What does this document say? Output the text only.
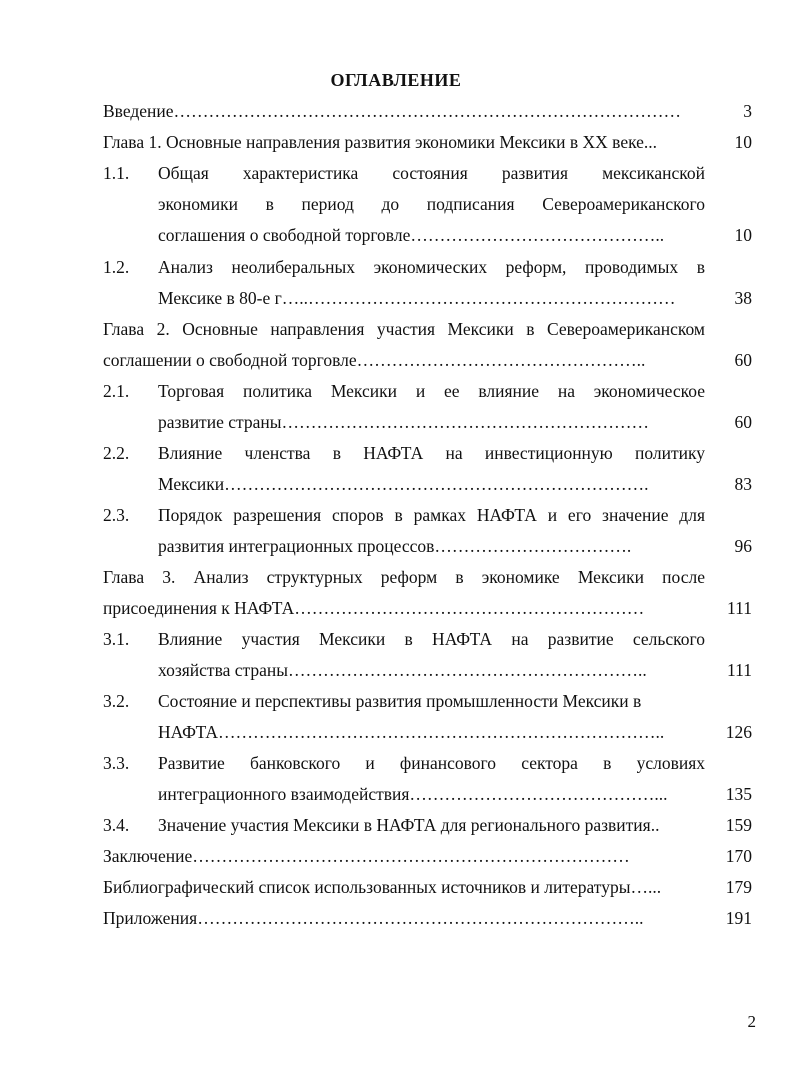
ОГЛАВЛЕНИЕ
Введение……………………………………………………………………………	3
Глава 1. Основные направления развития экономики Мексики в XX веке...	10
1.1. Общая характеристика состояния развития мексиканской
экономики в период до подписания Североамериканского
соглашения о свободной торговле……………………………………..	10
1.2. Анализ неолиберальных экономических реформ, проводимых в
Мексике в 80-е г…..………………………………………………………	38
Глава 2. Основные направления участия Мексики в Североамериканском
соглашении о свободной торговле…………………………………………..	60
2.1. Торговая политика Мексики и ее влияние на экономическое
развитие страны………………………………………………………	60
2.2. Влияние членства в НАФТА на инвестиционную политику
Мексики……………………………………………………………….	83
2.3. Порядок разрешения споров в рамках НАФТА и его значение для
развития интеграционных процессов…………………………….	96
Глава 3. Анализ структурных реформ в экономике Мексики после
присоединения к НАФТА……………………………………………………	111
3.1. Влияние участия Мексики в НАФТА на развитие сельского
хозяйства страны……………………………………………………..	111
3.2. Состояние и перспективы развития промышленности Мексики в
НАФТА…………………………………………………………………..	126
3.3. Развитие банковского и финансового сектора в условиях
интеграционного взаимодействия……………………………………...	135
3.4. Значение участия Мексики в НАФТА для регионального развития..	159
Заключение…………………………………………………………………	170
Библиографический список использованных источников и литературы…...	179
Приложения…………………………………………………………………..	191
2
